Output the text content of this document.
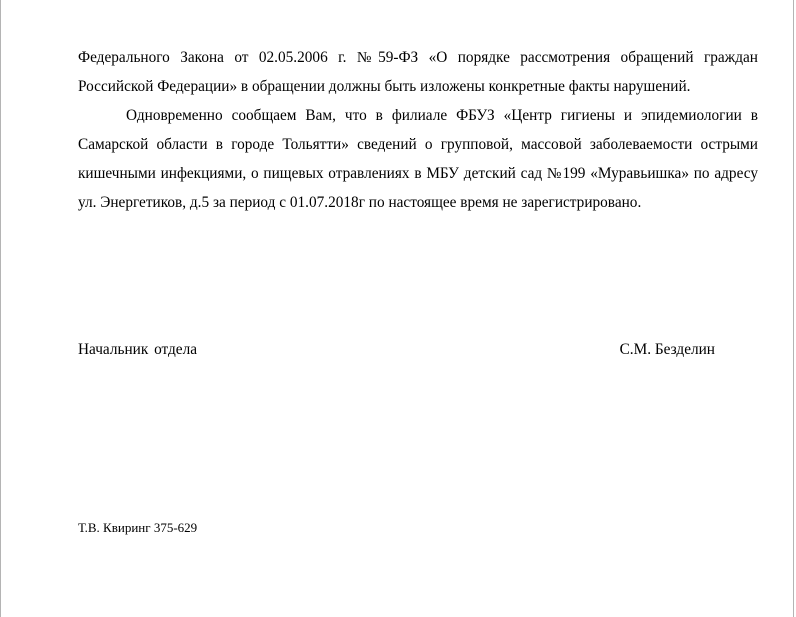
Федерального Закона от 02.05.2006 г. №59-ФЗ «О порядке рассмотрения обращений граждан Российской Федерации» в обращении должны быть изложены конкретные факты нарушений.

Одновременно сообщаем Вам, что в филиале ФБУЗ «Центр гигиены и эпидемиологии в Самарской области в городе Тольятти» сведений о групповой, массовой заболеваемости острыми кишечными инфекциями, о пищевых отравлениях в МБУ детский сад №199 «Муравьишка» по адресу ул. Энергетиков, д.5 за период с 01.07.2018г по настоящее время не зарегистрировано.

Начальник отдела	С.М. Безделин
Т.В. Квиринг 375-629
